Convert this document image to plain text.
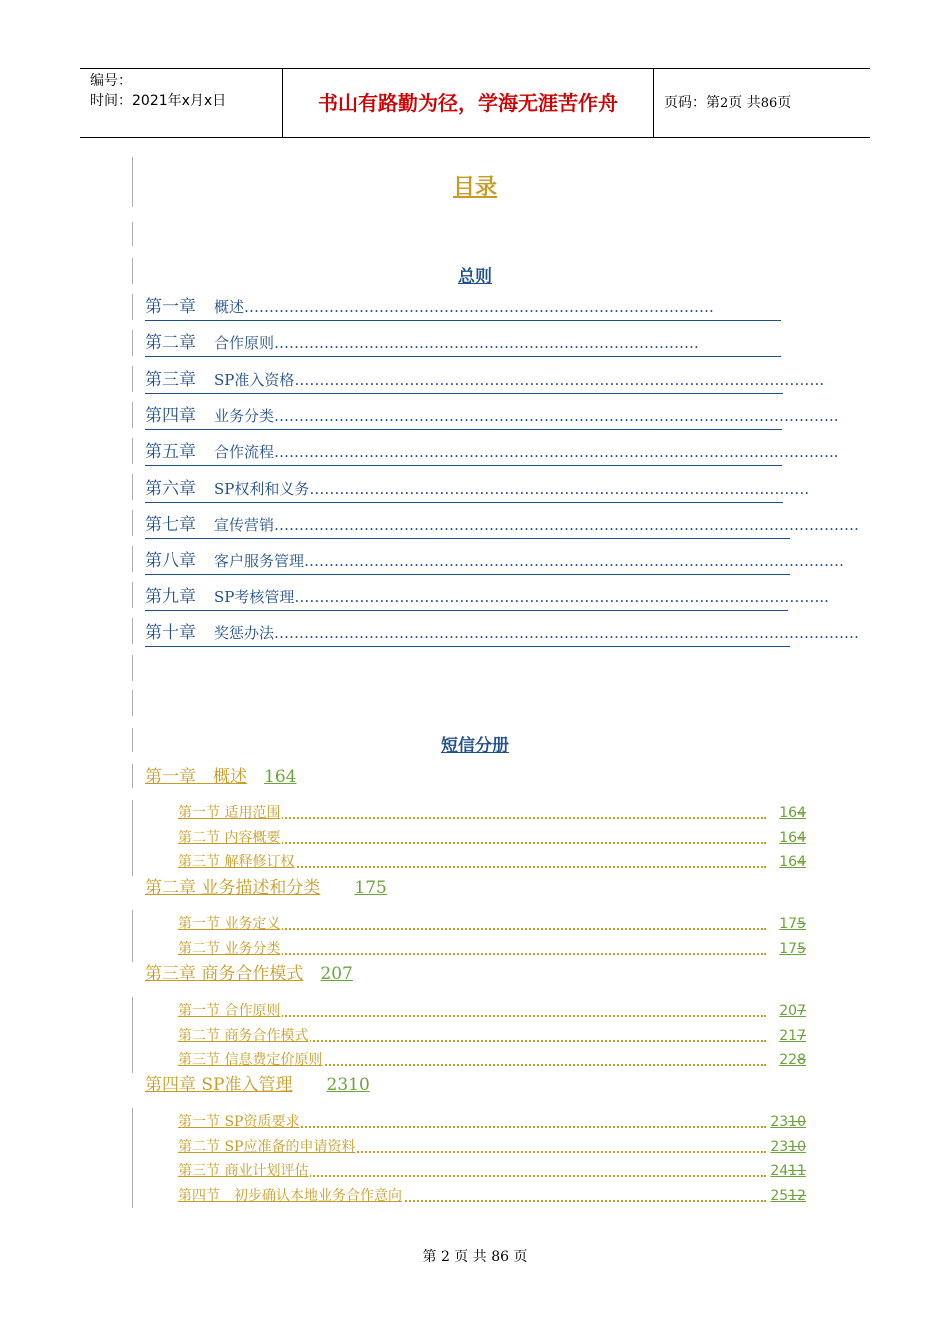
编号：
时间：2021年x月x日	书山有路勤为径，学海无涯苦作舟	页码：第2页 共86页
目录
总则
第一章 概述………………………………………………………………………………….
第二章 合作原则………………………………………………………………………….
第三章 SP准入资格…………………………………………………………………………………………….
第四章 业务分类…………………………………………………………………………………………………..
第五章 合作流程…………………………………………………………………………………………………..
第六章 SP权利和义务……………………………………………………………………………………….
第七章 宣传营销………………………………………………………………………………………………………
第八章 客户服务管理………………………………………………………………………………………………
第九章 SP考核管理……………………………………………………………………………………………..
第十章 奖惩办法………………………………………………………………………………………………………
短信分册
第一章　概述　 164
第一节 适用范围	164
第二节 内容概要	164
第三节 解释修订权	164
第二章 业务描述和分类　　 175
第一节 业务定义	175
第二节 业务分类	175
第三章 商务合作模式　 207
第一节 合作原则	207
第二节 商务合作模式	217
第三节 信息费定价原则	228
第四章 SP准入管理　　 2310
第一节 SP资质要求	2310
第二节 SP应准备的申请资料	2310
第三节 商业计划评估	2411
第四节　初步确认本地业务合作意向	2512
第 2 页 共 86 页
